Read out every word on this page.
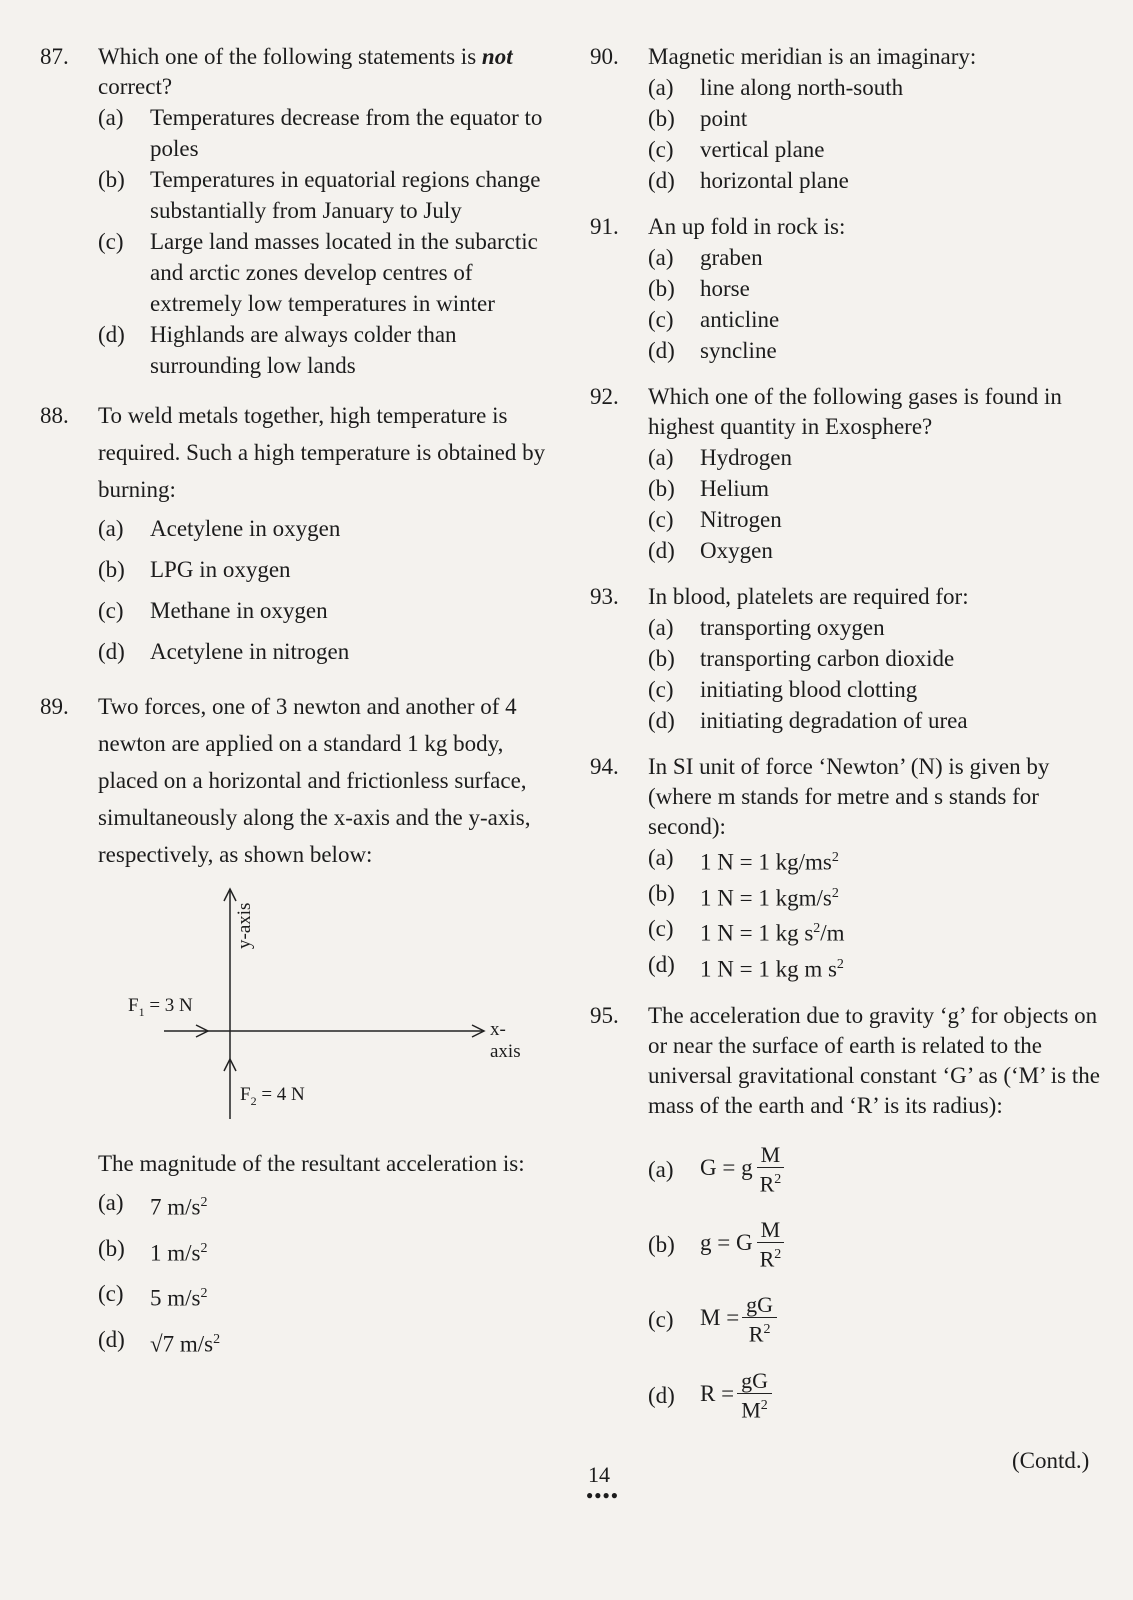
87.	Which one of the following statements is not correct?
(a)	Temperatures decrease from the equator to poles
(b)	Temperatures in equatorial regions change substantially from January to July
(c)	Large land masses located in the subarctic and arctic zones develop centres of extremely low temperatures in winter
(d)	Highlands are always colder than surrounding low lands
88.	To weld metals together, high temperature is required. Such a high temperature is obtained by burning:
(a)	Acetylene in oxygen
(b)	LPG in oxygen
(c)	Methane in oxygen
(d)	Acetylene in nitrogen
89.	Two forces, one of 3 newton and another of 4 newton are applied on a standard 1 kg body, placed on a horizontal and frictionless surface, simultaneously along the x-axis and the y-axis, respectively, as shown below:
y-axis
x-axis
$F_1 = 3$ N
$F_2 = 4$ N
The magnitude of the resultant acceleration is:
(a)	7 $m/s^2$
(b)	1 $m/s^2$
(c)	5 $m/s^2$
(d)	√7 $m/s^2$
90.	Magnetic meridian is an imaginary:
(a)	line along north-south
(b)	point
(c)	vertical plane
(d)	horizontal plane
91.	An up fold in rock is:
(a)	graben
(b)	horse
(c)	anticline
(d)	syncline
92.	Which one of the following gases is found in highest quantity in Exosphere?
(a)	Hydrogen
(b)	Helium
(c)	Nitrogen
(d)	Oxygen
93.	In blood, platelets are required for:
(a)	transporting oxygen
(b)	transporting carbon dioxide
(c)	initiating blood clotting
(d)	initiating degradation of urea
94.	In SI unit of force ‘Newton’ (N) is given by (where m stands for metre and s stands for second):
(a)	1 N = 1 $kg/ms^2$
(b)	1 N = 1 kgm/$s^2$
(c)	1 N = 1 kg $s^2/m$
(d)	1 N = 1 kg m $s^2$
95.	The acceleration due to gravity ‘g’ for objects on or near the surface of earth is related to the universal gravitational constant ‘G’ as (‘M’ is the mass of the earth and ‘R’ is its radius):
(a)	G = g $\frac{M}{R^2}$
(b)	g = G $\frac{M}{R^2}$
(c)	$M = \frac{gG}{R^2}$
(d)	$R = \frac{gG}{M^2}$
14
●●●●
(Contd.)
